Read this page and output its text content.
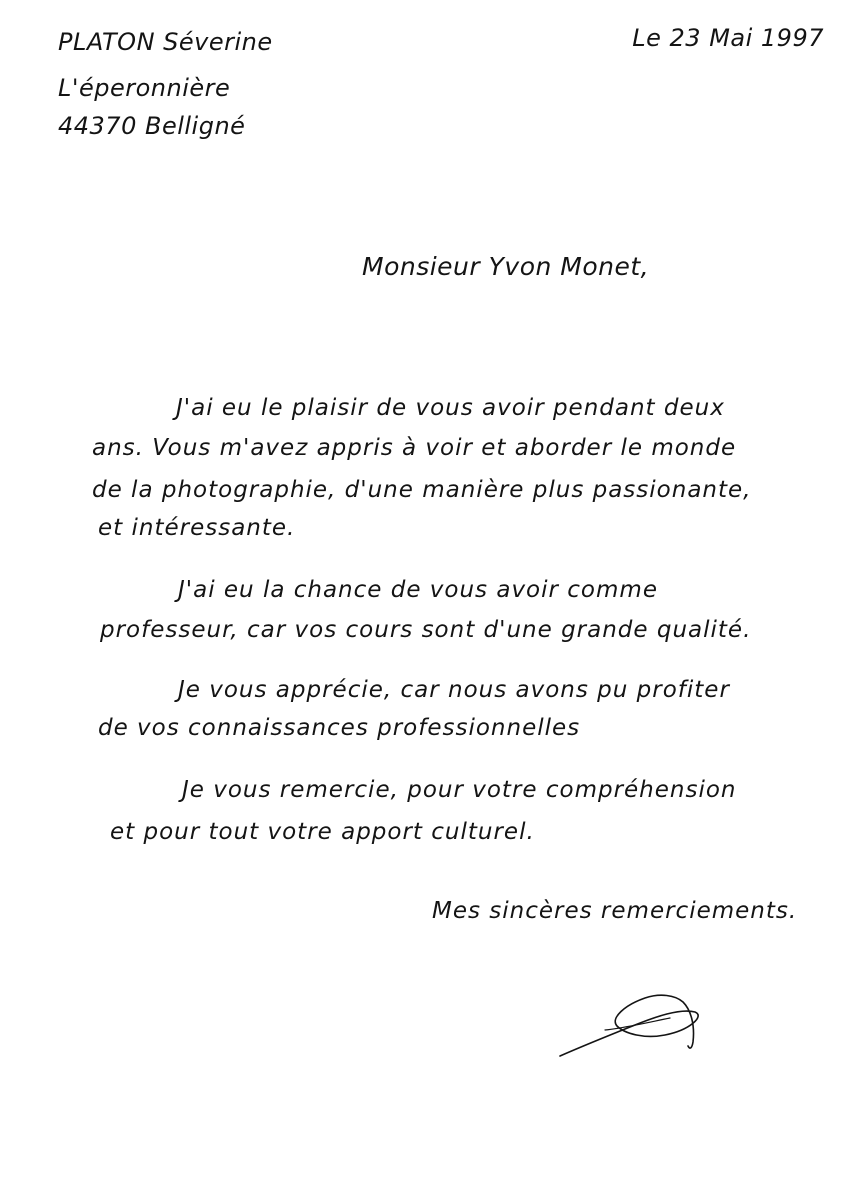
PLATON Séverine
L'éperonnière
44370 Belligné
Le 23 Mai 1997
Monsieur Yvon Monet,
J'ai eu le plaisir de vous avoir pendant deux
ans. Vous m'avez appris à voir et aborder le monde
de la photographie, d'une manière plus passionante,
et intéressante.
J'ai eu la chance de vous avoir comme
professeur, car vos cours sont d'une grande qualité.
Je vous apprécie, car nous avons pu profiter
de vos connaissances professionnelles
Je vous remercie, pour votre compréhension
et pour tout votre apport culturel.
Mes sincères remerciements.
